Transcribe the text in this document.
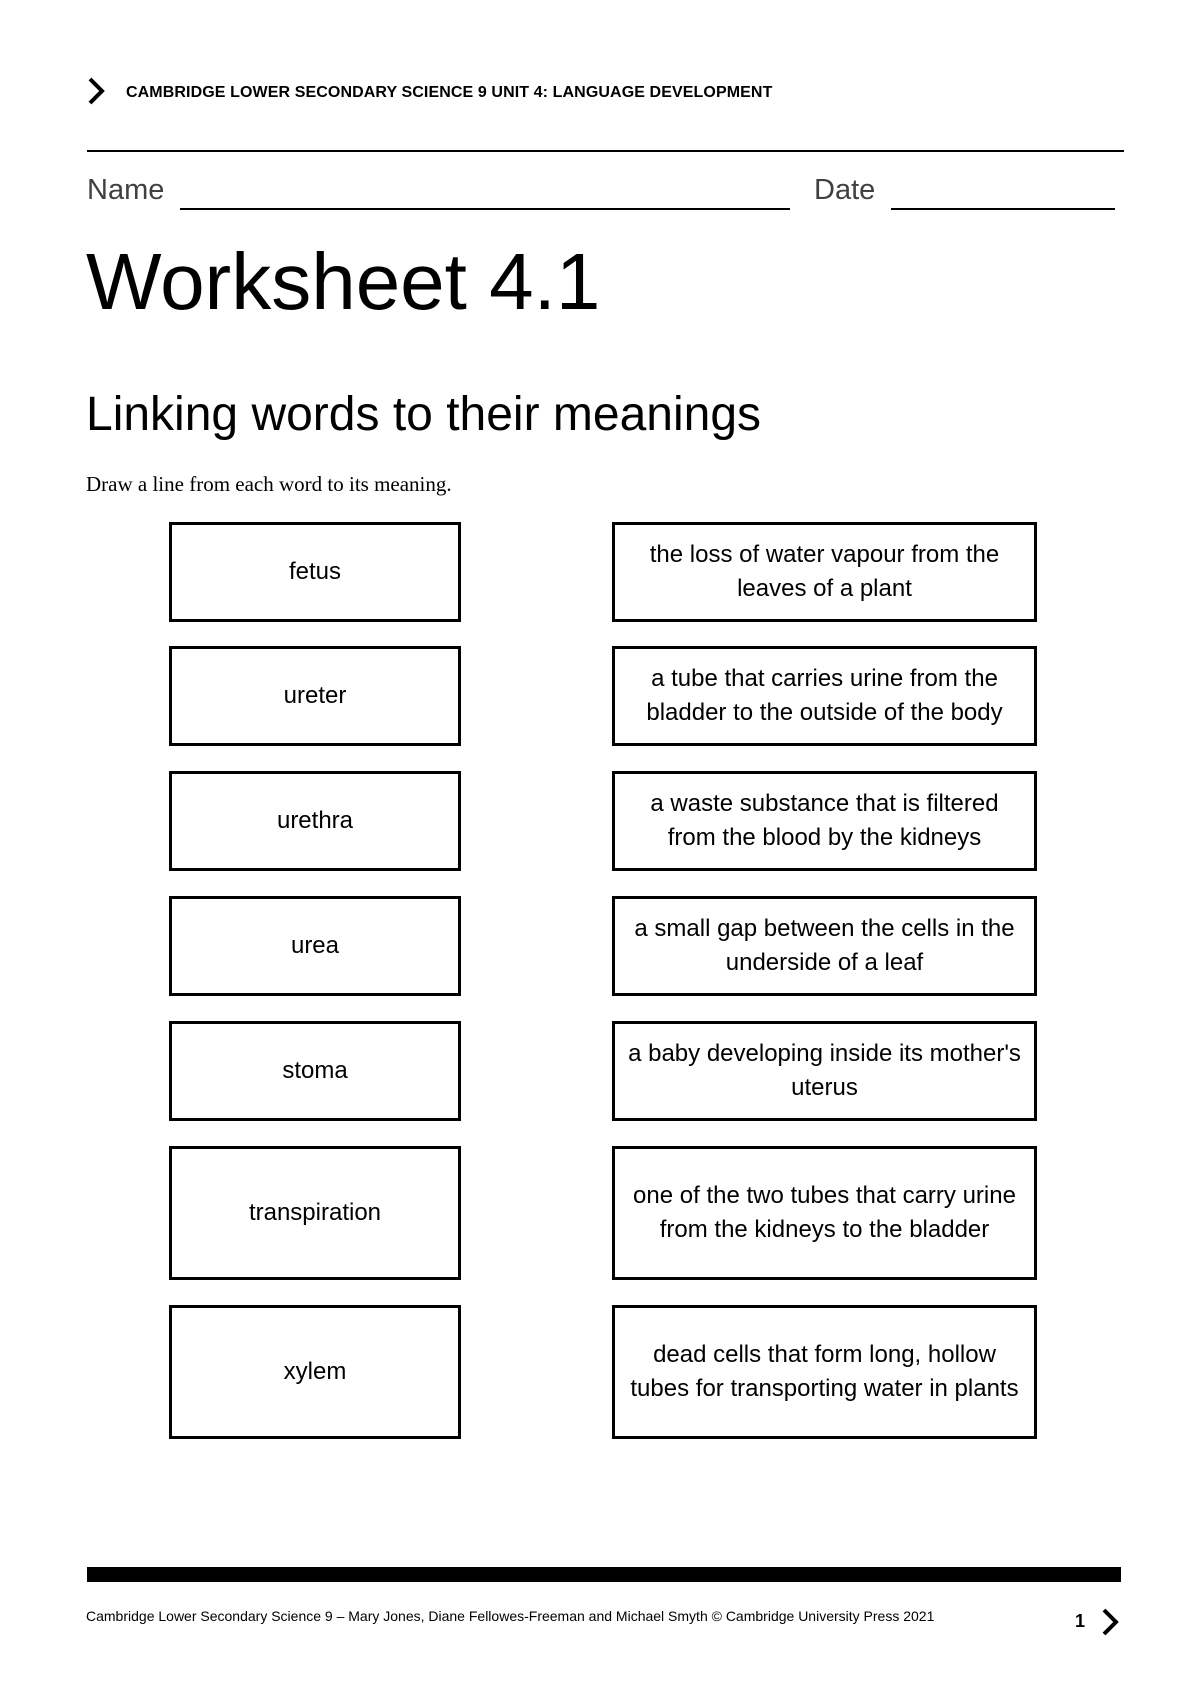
CAMBRIDGE LOWER SECONDARY SCIENCE 9 UNIT 4: LANGUAGE DEVELOPMENT
Name	Date
Worksheet 4.1
Linking words to their meanings
Draw a line from each word to its meaning.
fetus
ureter
urethra
urea
stoma
transpiration
xylem
the loss of water vapour from the leaves of a plant
a tube that carries urine from the bladder to the outside of the body
a waste substance that is filtered from the blood by the kidneys
a small gap between the cells in the underside of a leaf
a baby developing inside its mother's uterus
one of the two tubes that carry urine from the kidneys to the bladder
dead cells that form long, hollow tubes for transporting water in plants
Cambridge Lower Secondary Science 9 – Mary Jones, Diane Fellowes-Freeman and Michael Smyth © Cambridge University Press 2021	1
